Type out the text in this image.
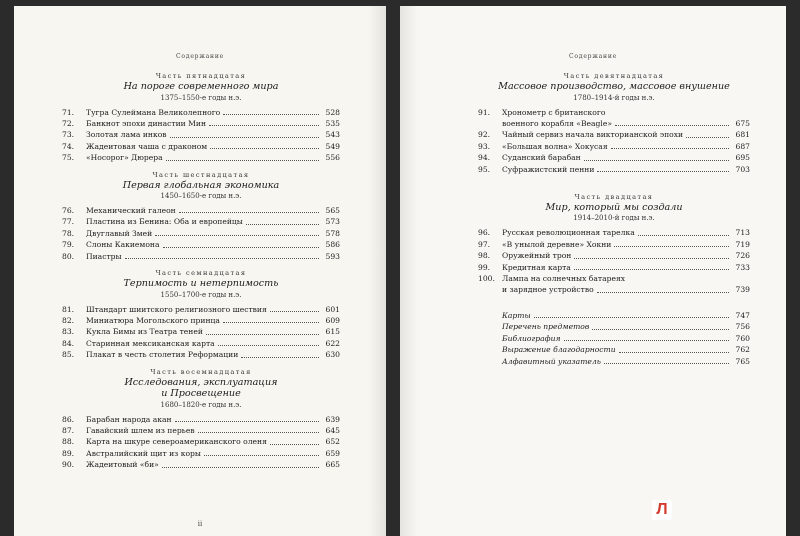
Содержание
Часть пятнадцатая
На пороге современного мира
1375–1550-е годы н.э.
71.	Тугра Сулеймана Великолепного	528
72.	Банкнот эпохи династии Мин	535
73.	Золотая лама инков	543
74.	Жадеитовая чаша с драконом	549
75.	«Носорог» Дюрера	556
Часть шестнадцатая
Первая глобальная экономика
1450–1650-е годы н.э.
76.	Механический галеон	565
77.	Пластина из Бенина: Оба и европейцы	573
78.	Двуглавый Змей	578
79.	Слоны Какиемона	586
80.	Пиастры	593
Часть семнадцатая
Терпимость и нетерпимость
1550–1700-е годы н.э.
81.	Штандарт шиитского религиозного шествия	601
82.	Миниатюра Могольского принца	609
83.	Кукла Бимы из Театра теней	615
84.	Старинная мексиканская карта	622
85.	Плакат в честь столетия Реформации	630
Часть восемнадцатая
Исследования, эксплуатация
и Просвещение
1680–1820-е годы н.э.
86.	Барабан народа акан	639
87.	Гавайский шлем из перьев	645
88.	Карта на шкуре североамериканского оленя	652
89.	Австралийский щит из коры	659
90.	Жадеитовый «би»	665
ii
Содержание
Часть девятнадцатая
Массовое производство, массовое внушение
1780–1914-й годы н.э.
91.	Хронометр с британского
военного корабля «Beagle»	675
92.	Чайный сервиз начала викторианской эпохи	681
93.	«Большая волна» Хокусая	687
94.	Суданский барабан	695
95.	Суфражистский пенни	703
Часть двадцатая
Мир, который мы создали
1914–2010-й годы н.э.
96.	Русская революционная тарелка	713
97.	«В унылой деревне» Хокни	719
98.	Оружейный трон	726
99.	Кредитная карта	733
100. Лампа на солнечных батареях
и зарядное устройство	739
Карты	747
Перечень предметов	756
Библиография	760
Выражение благодарности	762
Алфавитный указатель	765
Л
